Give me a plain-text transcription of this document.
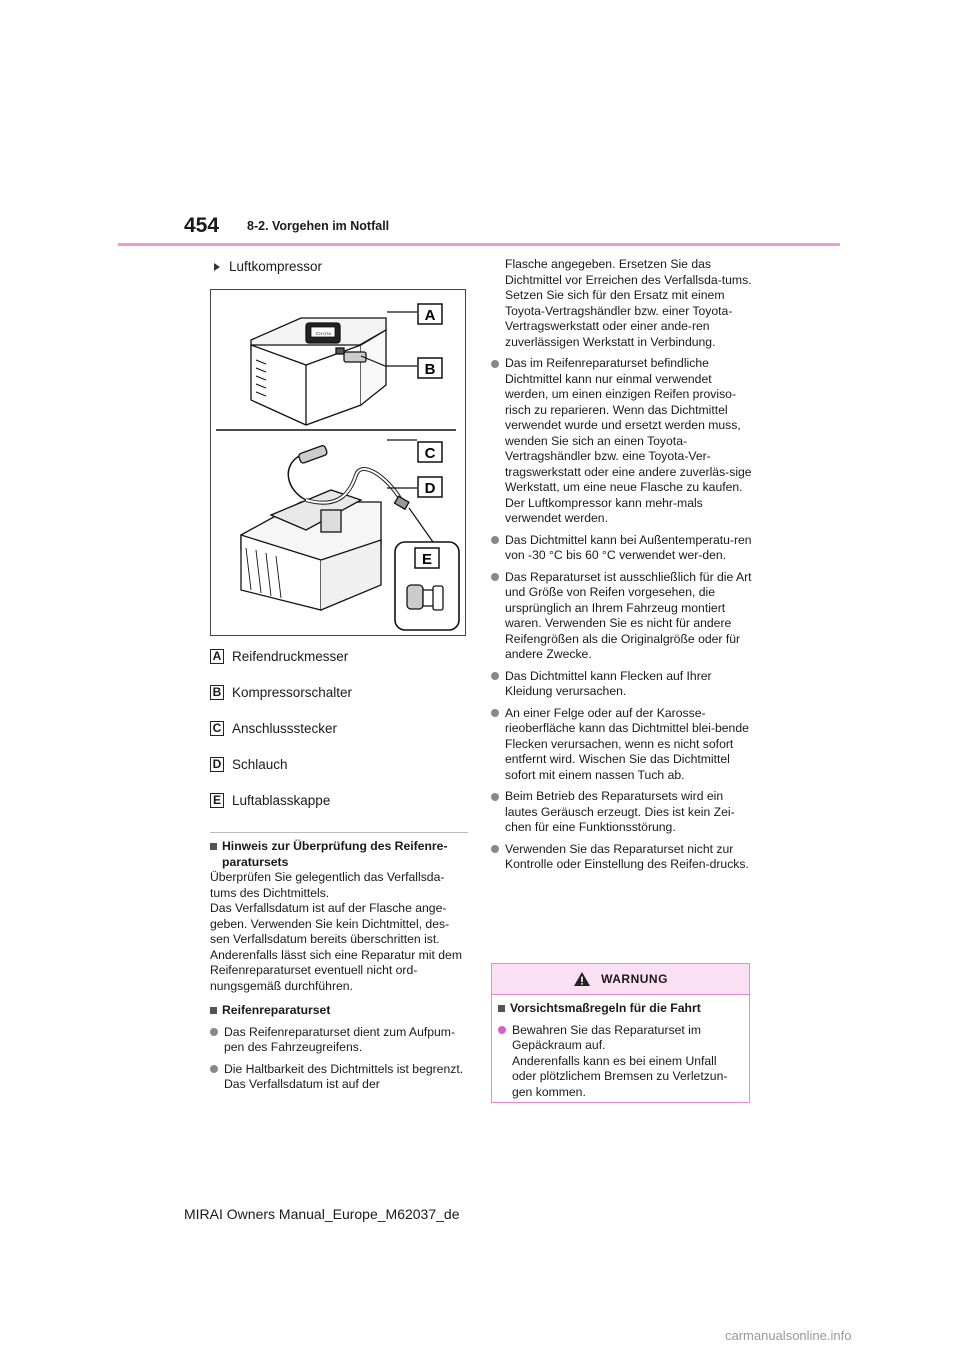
454 8-2. Vorgehen im Notfall
Luftkompressor
TOYOTA
A
B
C
D
E
A Reifendruckmesser
B Kompressorschalter
C Anschlussstecker
D Schlauch
E Luftablasskappe
Hinweis zur Überprüfung des Reifenre-paratursets

Überprüfen Sie gelegentlich das Verfallsda-tums des Dichtmittels.

Das Verfallsdatum ist auf der Flasche ange-geben. Verwenden Sie kein Dichtmittel, des-sen Verfallsdatum bereits überschritten ist. Anderenfalls lässt sich eine Reparatur mit dem Reifenreparaturset eventuell nicht ord-nungsgemäß durchführen.

Reifenreparaturset
Das Reifenreparaturset dient zum Aufpum-pen des Fahrzeugreifens.
Die Haltbarkeit des Dichtmittels ist begrenzt. Das Verfallsdatum ist auf der

Flasche angegeben. Ersetzen Sie das Dichtmittel vor Erreichen des Verfallsda-tums. Setzen Sie sich für den Ersatz mit einem Toyota-Vertragshändler bzw. einer Toyota-Vertragswerkstatt oder einer ande-ren zuverlässigen Werkstatt in Verbindung.

Das im Reifenreparaturset befindliche Dichtmittel kann nur einmal verwendet werden, um einen einzigen Reifen proviso-risch zu reparieren. Wenn das Dichtmittel verwendet wurde und ersetzt werden muss, wenden Sie sich an einen Toyota-Vertragshändler bzw. eine Toyota-Ver-tragswerkstatt oder eine andere zuverläs-sige Werkstatt, um eine neue Flasche zu kaufen. Der Luftkompressor kann mehr-mals verwendet werden.
Das Dichtmittel kann bei Außentemperatu-ren von -30 °C bis 60 °C verwendet wer-den.
Das Reparaturset ist ausschließlich für die Art und Größe von Reifen vorgesehen, die ursprünglich an Ihrem Fahrzeug montiert waren. Verwenden Sie es nicht für andere Reifengrößen als die Originalgröße oder für andere Zwecke.
Das Dichtmittel kann Flecken auf Ihrer Kleidung verursachen.
An einer Felge oder auf der Karosse-rieoberfläche kann das Dichtmittel blei-bende Flecken verursachen, wenn es nicht sofort entfernt wird. Wischen Sie das Dichtmittel sofort mit einem nassen Tuch ab.
Beim Betrieb des Reparatursets wird ein lautes Geräusch erzeugt. Dies ist kein Zei-chen für eine Funktionsstörung.
Verwenden Sie das Reparaturset nicht zur Kontrolle oder Einstellung des Reifen-drucks.
WARNUNG
Vorsichtsmaßregeln für die Fahrt
Bewahren Sie das Reparaturset im Gepäckraum auf.
Anderenfalls kann es bei einem Unfall oder plötzlichem Bremsen zu Verletzun-gen kommen.
MIRAI Owners Manual_Europe_M62037_de
carmanualsonline.info
